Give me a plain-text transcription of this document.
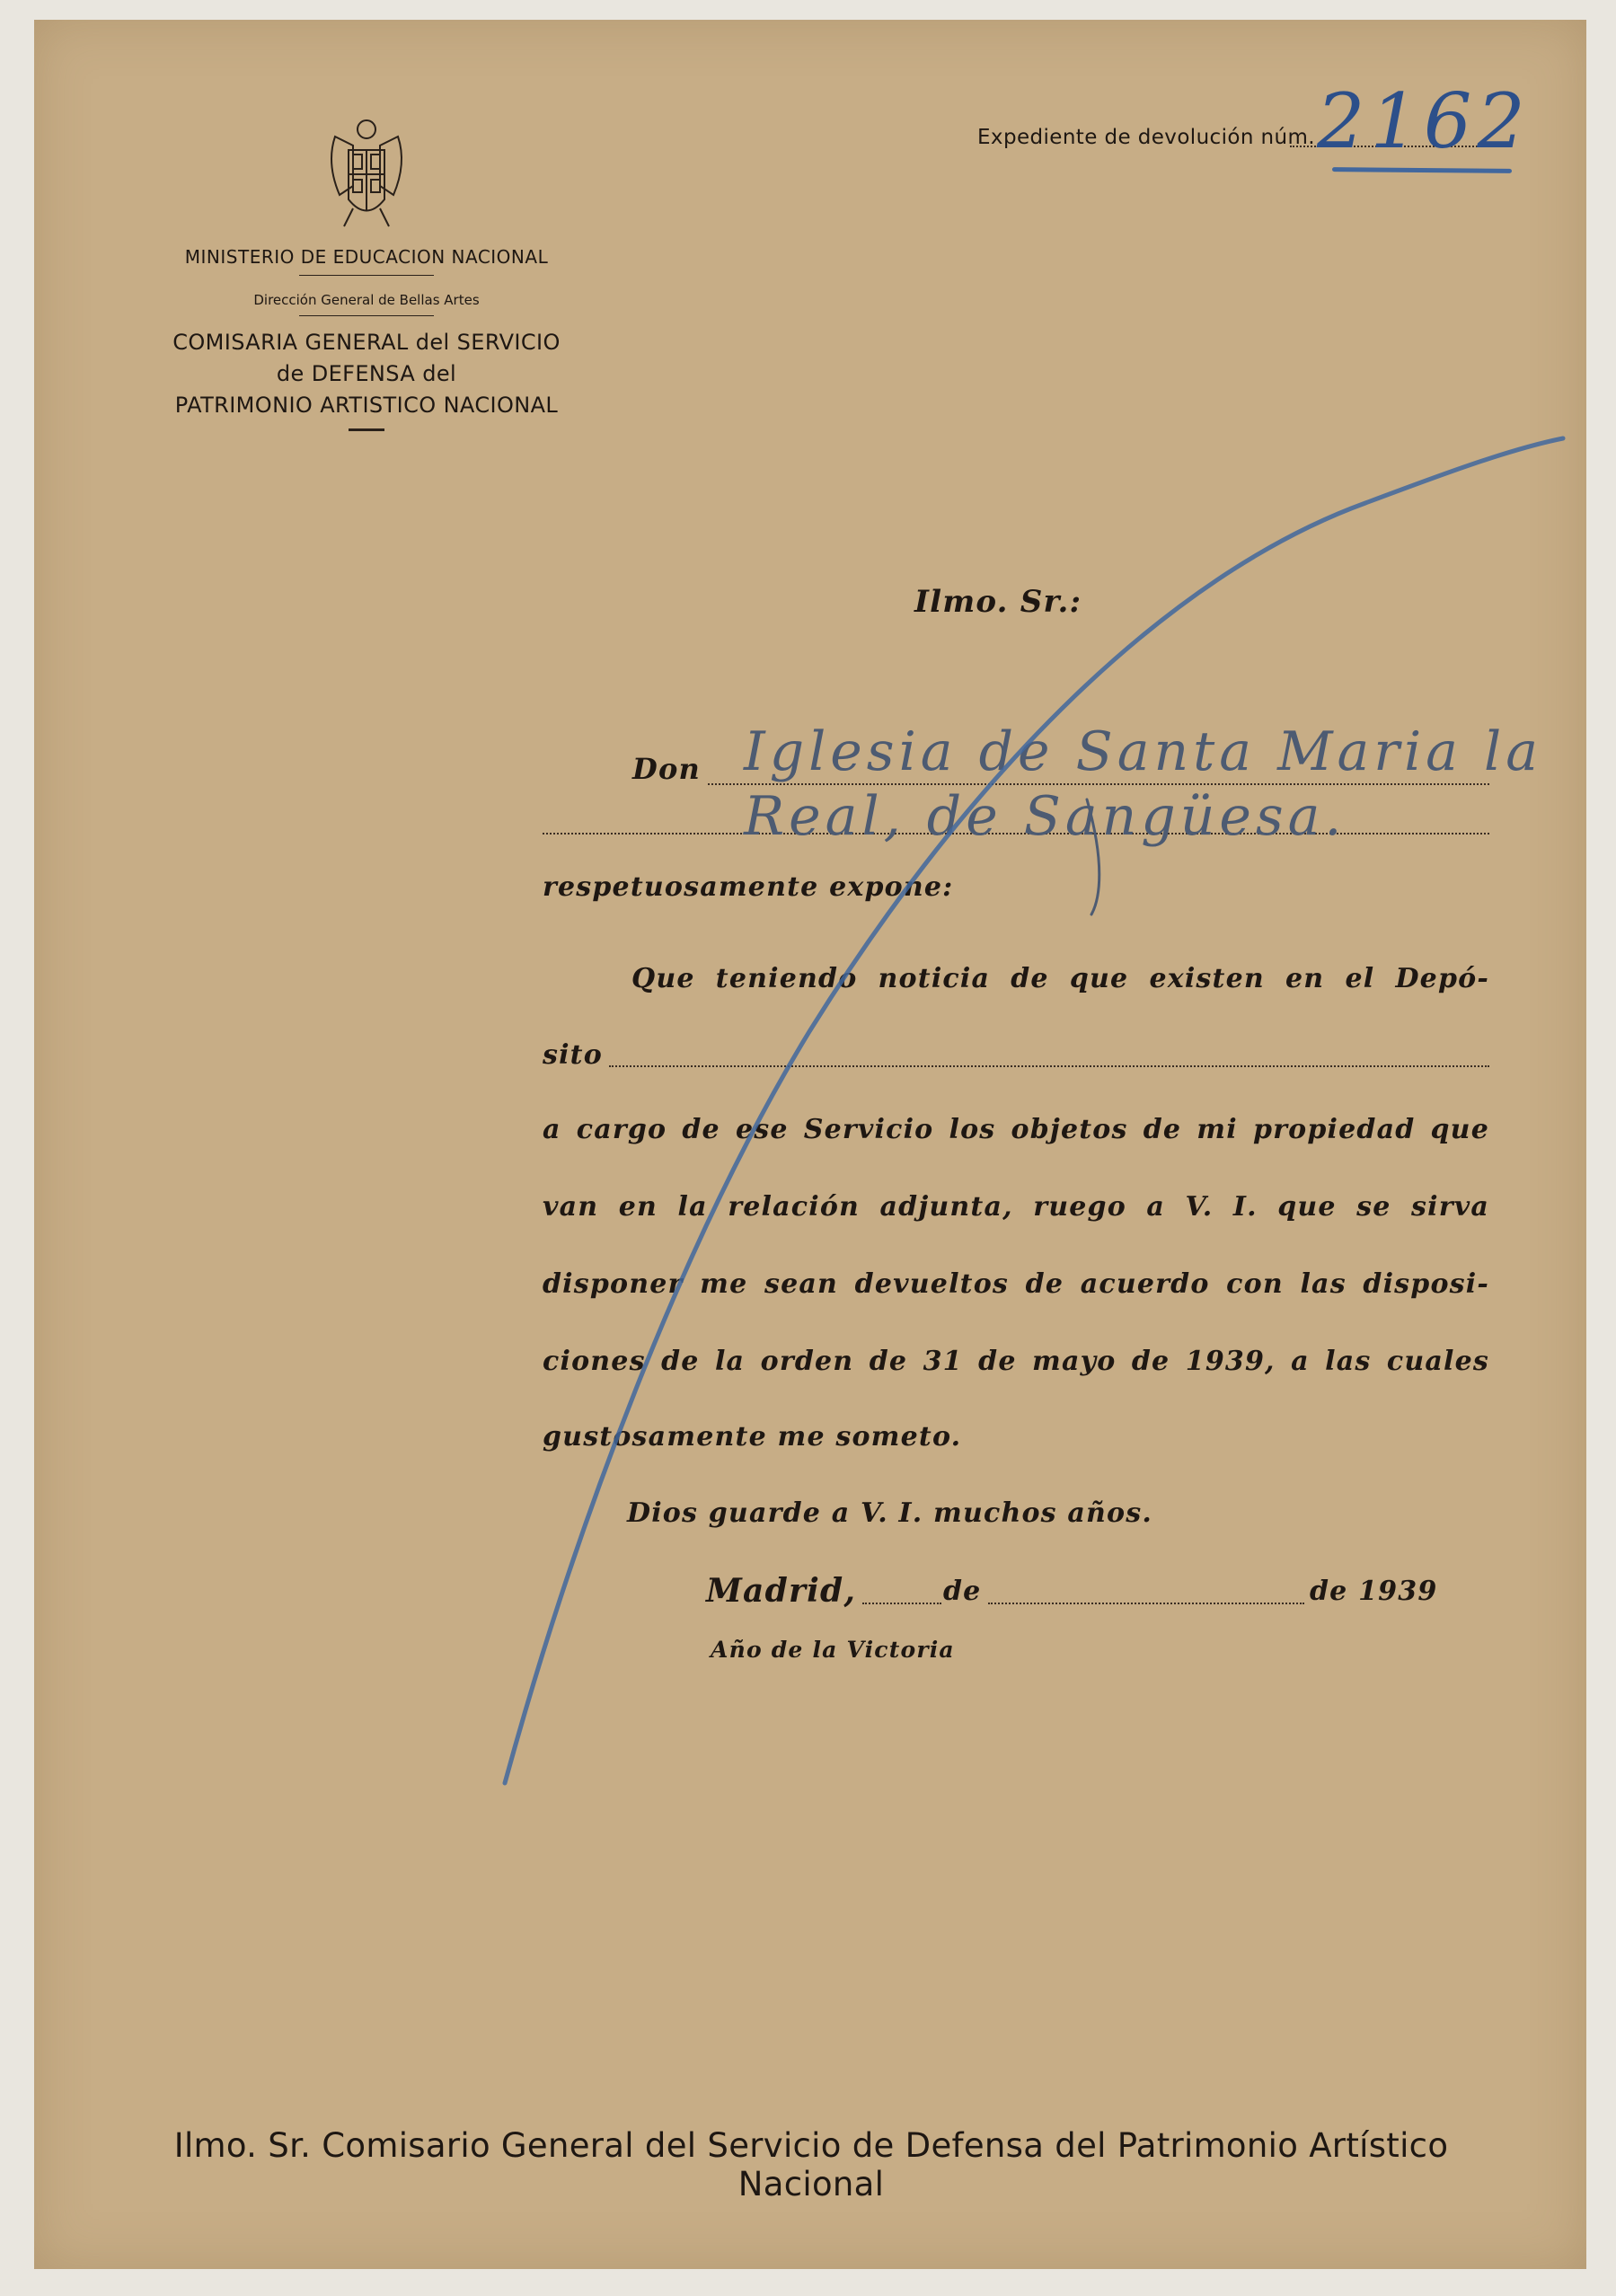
MINISTERIO DE EDUCACION NACIONAL
Dirección General de Bellas Artes
COMISARIA GENERAL del SERVICIO
de DEFENSA del
PATRIMONIO ARTISTICO NACIONAL
Expediente de devolución núm. 2162
Ilmo. Sr.:
Don Iglesia de Santa Maria la
Real, de Sangüesa.
respetuosamente expone:
Que teniendo noticia de que existen en el Depó-
sito
a cargo de ese Servicio los objetos de mi propiedad que
van en la relación adjunta, ruego a V. I. que se sirva
disponer me sean devueltos de acuerdo con las disposi-
ciones de la orden de 31 de mayo de 1939, a las cuales
gustosamente me someto.
Dios guarde a V. I. muchos años.
Madrid,	de	de 1939
Año de la Victoria
Ilmo. Sr. Comisario General del Servicio de Defensa del Patrimonio Artístico Nacional
